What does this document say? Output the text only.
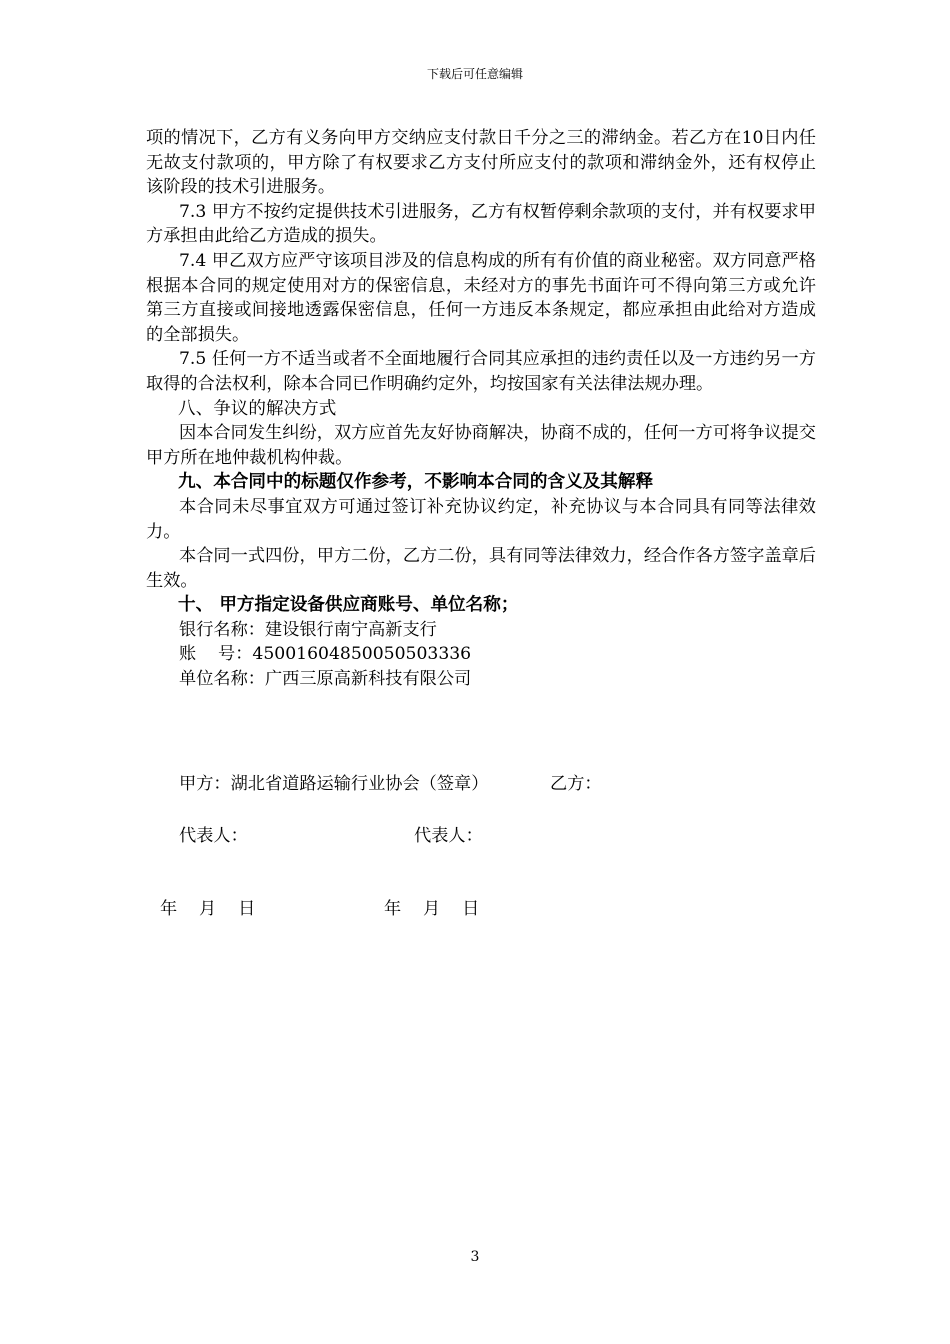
下载后可任意编辑

项的情况下，乙方有义务向甲方交纳应支付款日千分之三的滞纳金。若乙方在10日内任无故支付款项的，甲方除了有权要求乙方支付所应支付的款项和滞纳金外，还有权停止该阶段的技术引进服务。

7.3 甲方不按约定提供技术引进服务，乙方有权暂停剩余款项的支付，并有权要求甲方承担由此给乙方造成的损失。

7.4 甲乙双方应严守该项目涉及的信息构成的所有有价值的商业秘密。双方同意严格根据本合同的规定使用对方的保密信息，未经对方的事先书面许可不得向第三方或允许第三方直接或间接地透露保密信息，任何一方违反本条规定，都应承担由此给对方造成的全部损失。

7.5 任何一方不适当或者不全面地履行合同其应承担的违约责任以及一方违约另一方取得的合法权利，除本合同已作明确约定外，均按国家有关法律法规办理。

八、争议的解决方式

因本合同发生纠纷，双方应首先友好协商解决，协商不成的，任何一方可将争议提交甲方所在地仲裁机构仲裁。

九、本合同中的标题仅作参考，不影响本合同的含义及其解释

本合同未尽事宜双方可通过签订补充协议约定，补充协议与本合同具有同等法律效力。

本合同一式四份，甲方二份，乙方二份，具有同等法律效力，经合作各方签字盖章后生效。

十、 甲方指定设备供应商账号、单位名称；

银行名称：建设银行南宁高新支行

账    号：45001604850050503336

单位名称：广西三原高新科技有限公司

甲方：湖北省道路运输行业协会（签章）	乙方：
代表人：	代表人：
年    月    日	年    月    日
3
